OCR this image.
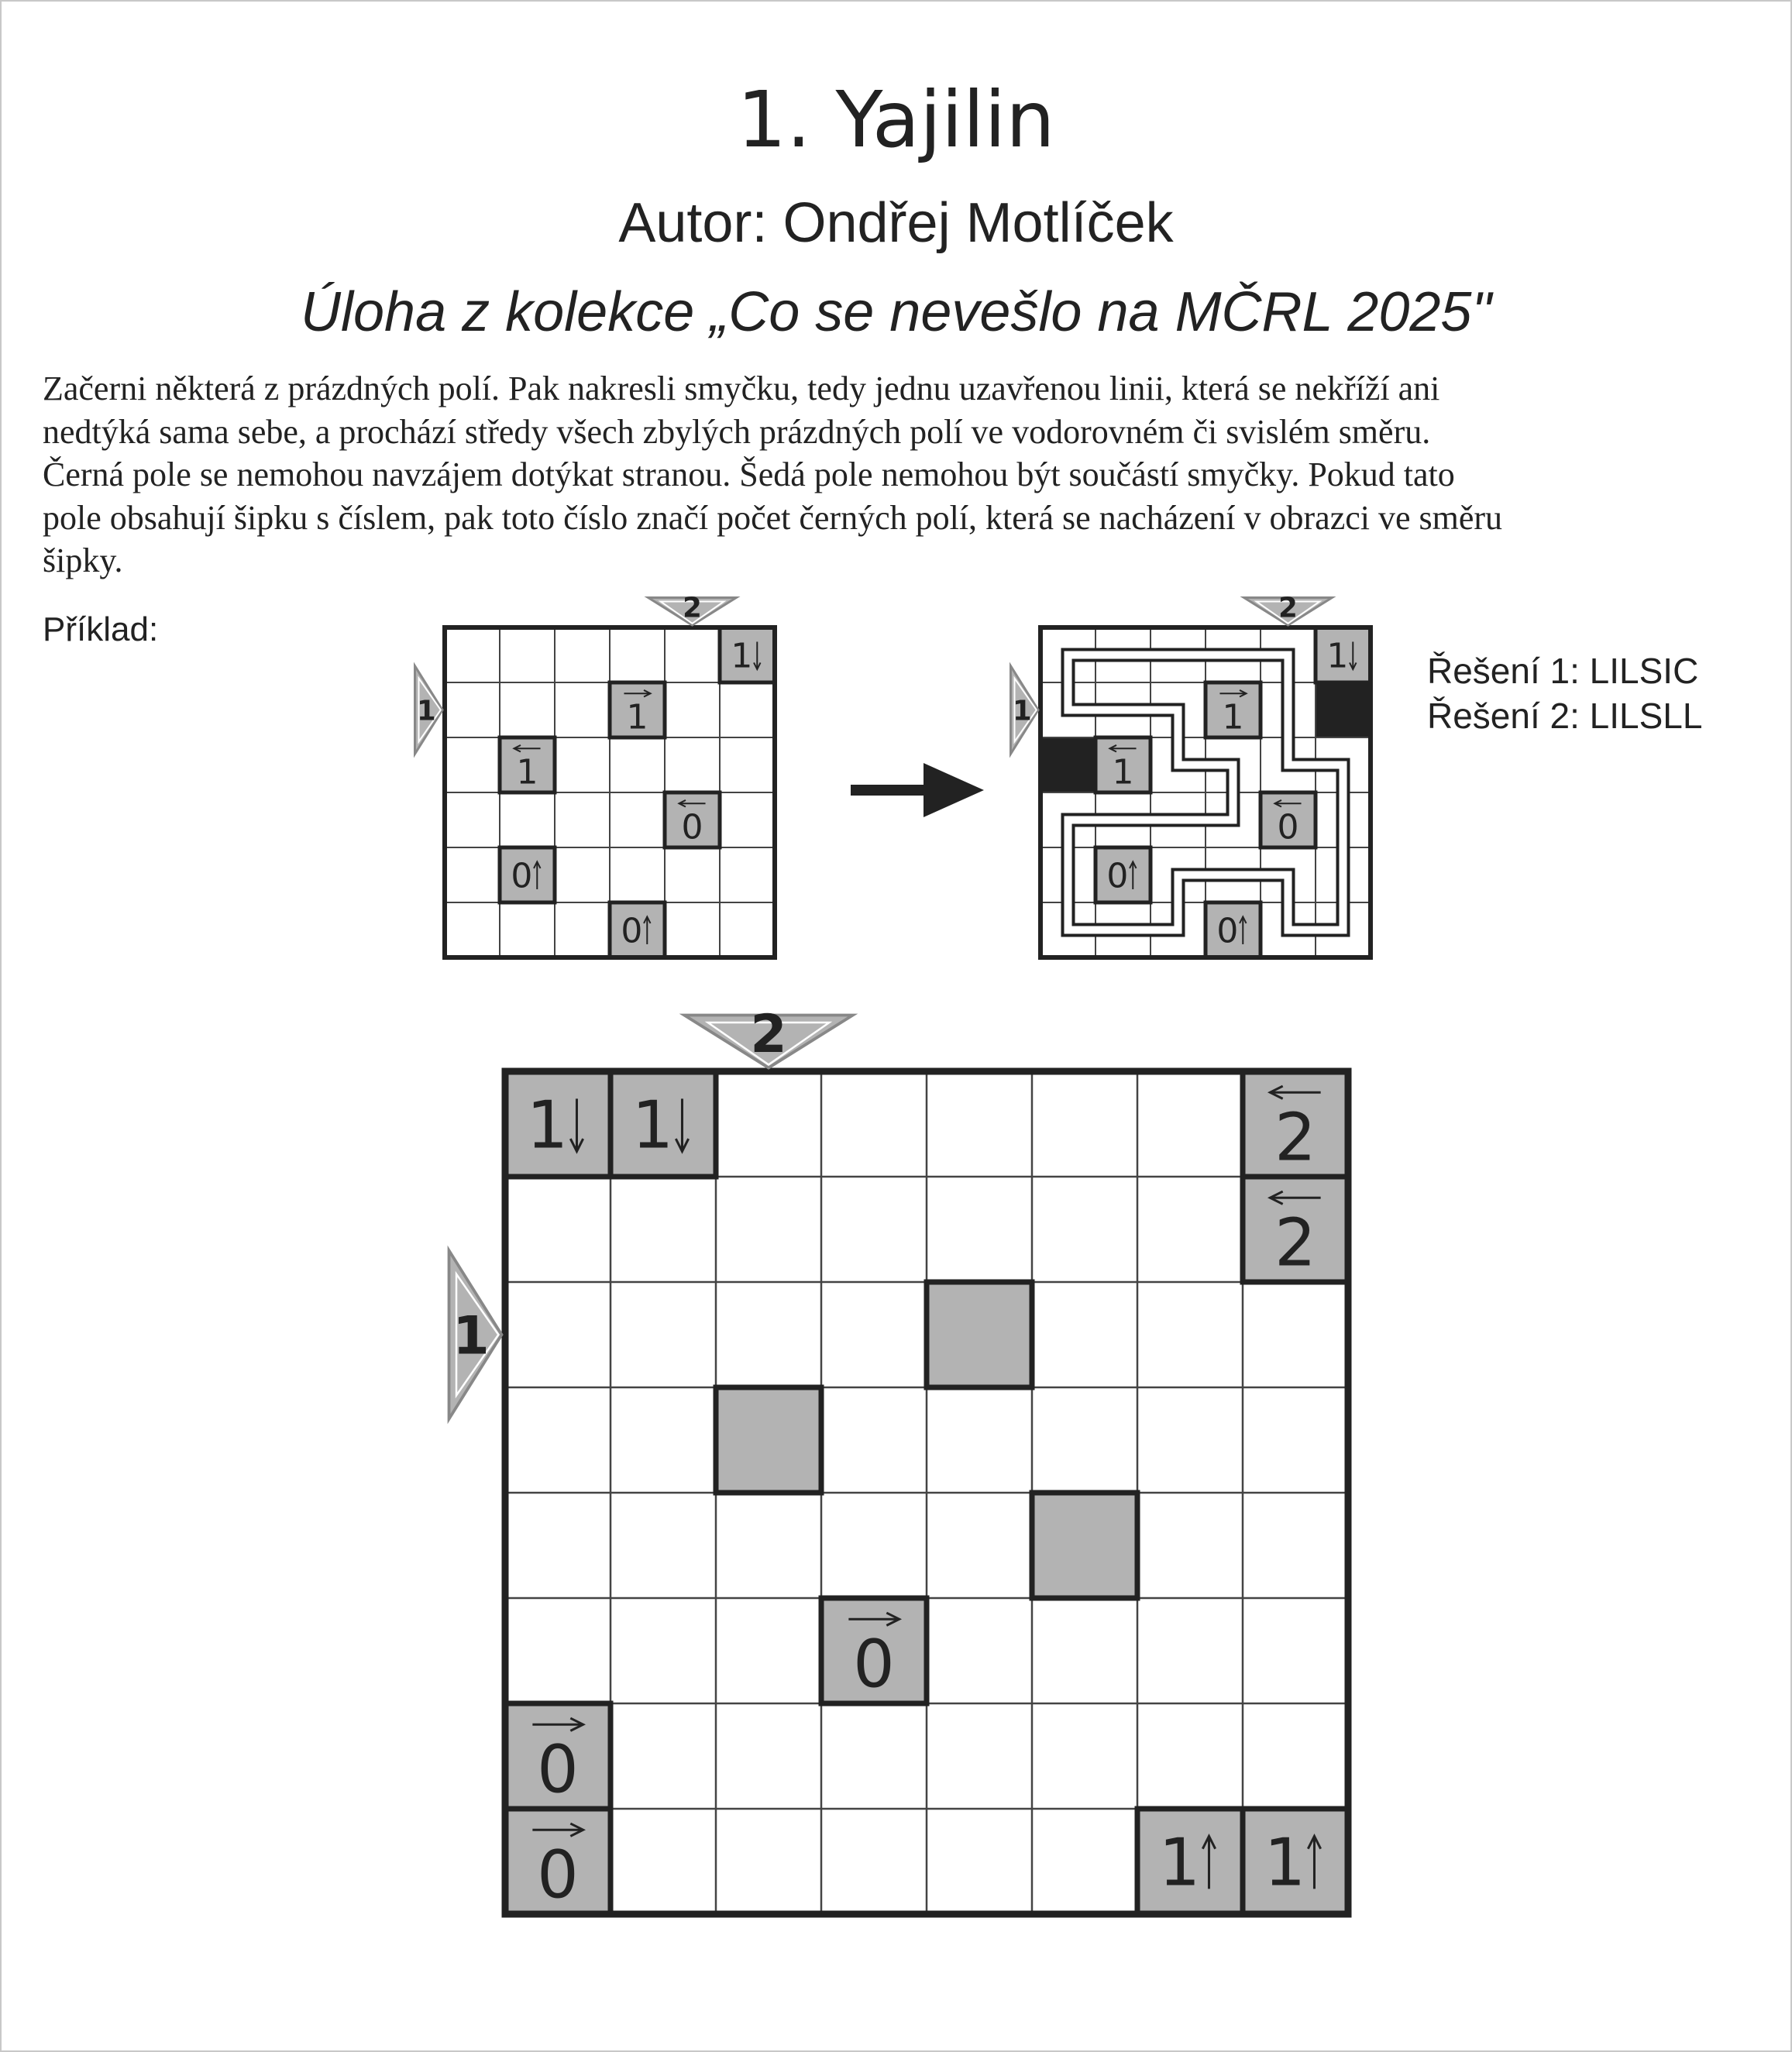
1. Yajilin
Autor: Ondřej Motlíček
Úloha z kolekce „Co se nevešlo na MČRL 2025"
Začerni některá z prázdných polí. Pak nakresli smyčku, tedy jednu uzavřenou linii, která se nekříží ani
nedtýká sama sebe, a prochází středy všech zbylých prázdných polí ve vodorovném či svislém směru.
Černá pole se nemohou navzájem dotýkat stranou. Šedá pole nemohou být součástí smyčky. Pokud tato
pole obsahují šipku s číslem, pak toto číslo značí počet černých polí, která se nacházení v obrazci ve směru
šipky.
Příklad:
Řešení 1: LILSIC
Řešení 2: LILSLL
1
1
1
0
0
0
2
1
1
1
1
0
0
0
2
1
1 1	2
2
0
0
0	1 1
2
1
